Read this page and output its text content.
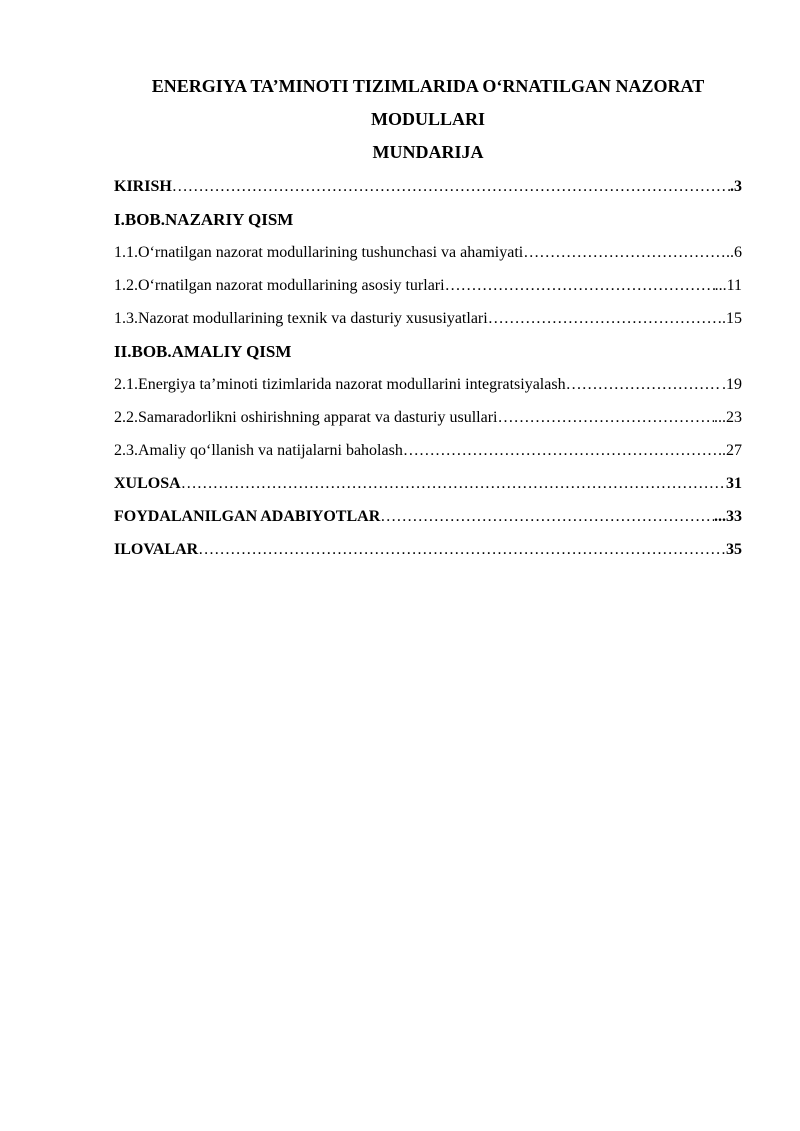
ENERGIYA TA’MINOTI TIZIMLARIDA O‘RNATILGAN NAZORAT
MODULLARI
MUNDARIJA
KIRISH ………………………………………………………………………………………………………………………………………………………………………………	.3
I.BOB.NAZARIY QISM
1.1.O‘rnatilgan nazorat modullarining tushunchasi va ahamiyati ………………………………………………………………………………………………………………………………………………………………………………	..6
1.2.O‘rnatilgan nazorat modullarining asosiy turlari ………………………………………………………………………………………………………………………………………………………………………………	...11
1.3.Nazorat modullarining texnik va dasturiy xususiyatlari ………………………………………………………………………………………………………………………………………………………………………………	.15
II.BOB.AMALIY QISM
2.1.Energiya ta’minoti tizimlarida nazorat modullarini integratsiyalash ………………………………………………………………………………………………………………………………………………………………………………	.19
2.2.Samaradorlikni oshirishning apparat va dasturiy usullari ………………………………………………………………………………………………………………………………………………………………………………	...23
2.3.Amaliy qo‘llanish va natijalarni baholash ………………………………………………………………………………………………………………………………………………………………………………	..27
XULOSA ………………………………………………………………………………………………………………………………………………………………………………	31
FOYDALANILGAN ADABIYOTLAR ………………………………………………………………………………………………………………………………………………………………………………	...33
ILOVALAR ………………………………………………………………………………………………………………………………………………………………………………	35
